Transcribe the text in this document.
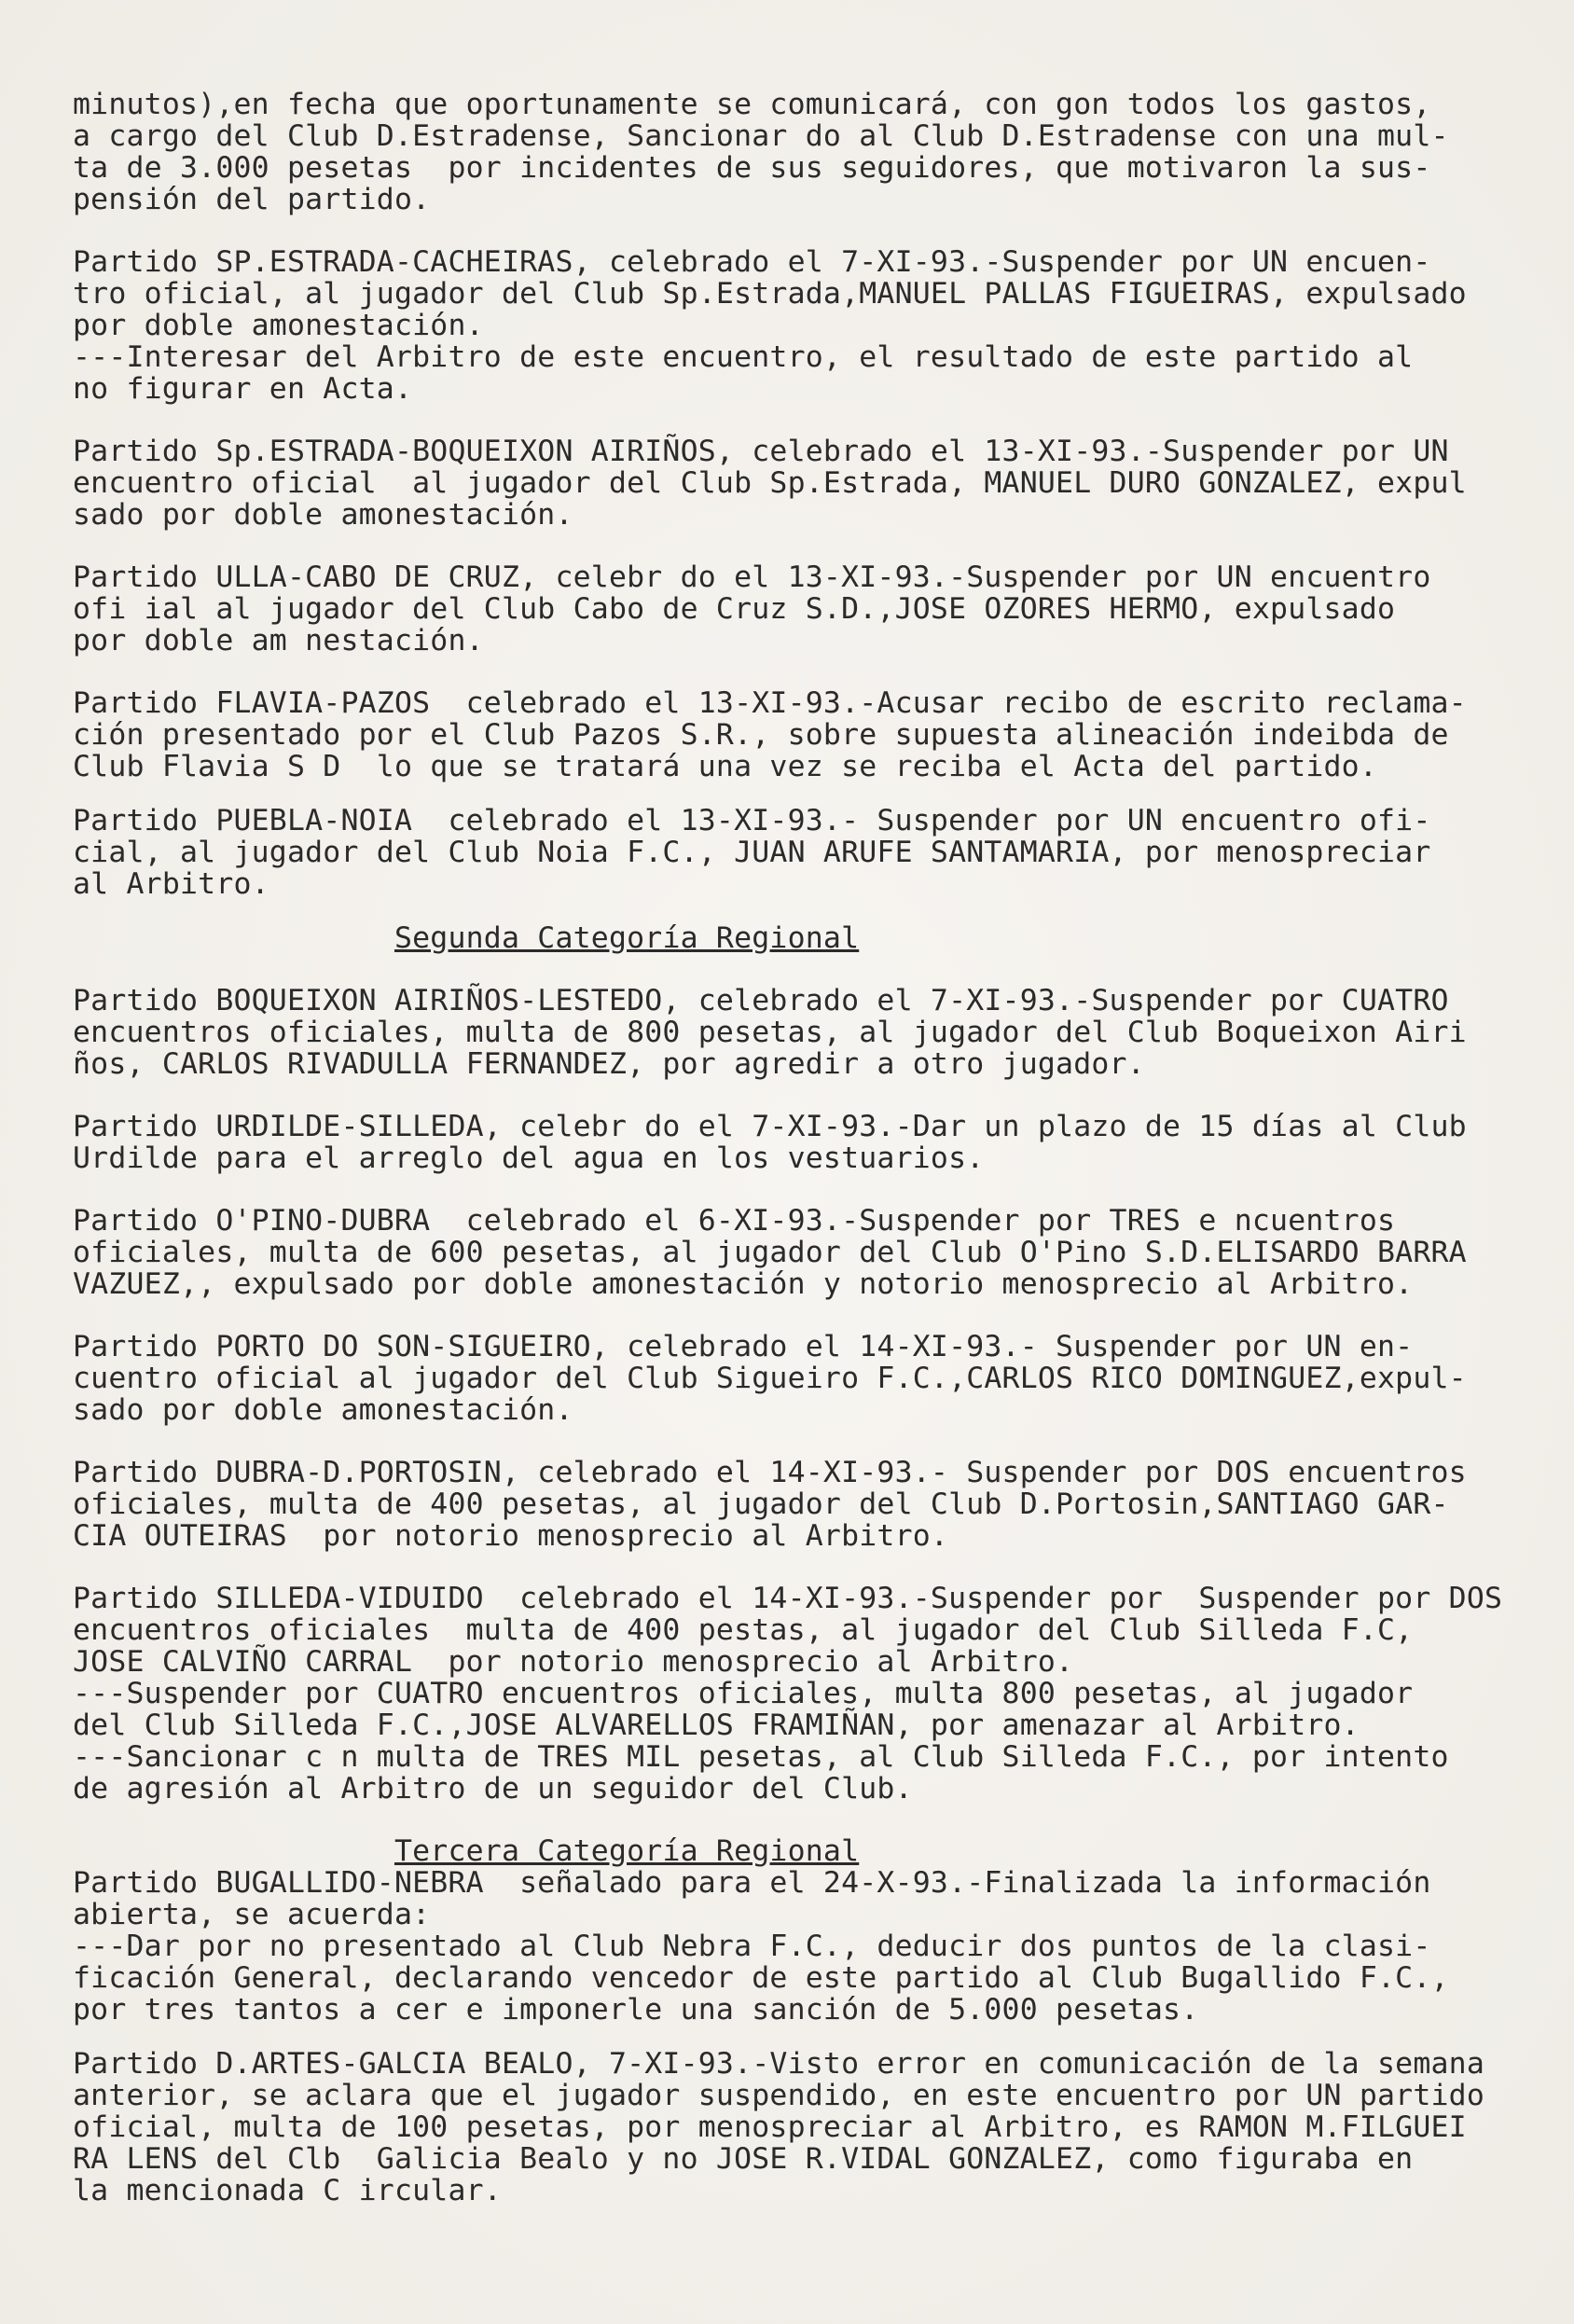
minutos),en fecha que oportunamente se comunicará, con gon todos los gastos,
a cargo del Club D.Estradense, Sancionar do al Club D.Estradense con una mul-
ta de 3.000 pesetas  por incidentes de sus seguidores, que motivaron la sus-
pensión del partido.
Partido SP.ESTRADA-CACHEIRAS, celebrado el 7-XI-93.-Suspender por UN encuen-
tro oficial, al jugador del Club Sp.Estrada,MANUEL PALLAS FIGUEIRAS, expulsado
por doble amonestación.
---Interesar del Arbitro de este encuentro, el resultado de este partido al
no figurar en Acta.
Partido Sp.ESTRADA-BOQUEIXON AIRIÑOS, celebrado el 13-XI-93.-Suspender por UN
encuentro oficial  al jugador del Club Sp.Estrada, MANUEL DURO GONZALEZ, expul
sado por doble amonestación.
Partido ULLA-CABO DE CRUZ, celebr do el 13-XI-93.-Suspender por UN encuentro
ofi ial al jugador del Club Cabo de Cruz S.D.,JOSE OZORES HERMO, expulsado
por doble am nestación.
Partido FLAVIA-PAZOS  celebrado el 13-XI-93.-Acusar recibo de escrito reclama-
ción presentado por el Club Pazos S.R., sobre supuesta alineación indeibda de
Club Flavia S D  lo que se tratará una vez se reciba el Acta del partido.
Partido PUEBLA-NOIA  celebrado el 13-XI-93.- Suspender por UN encuentro ofi-
cial, al jugador del Club Noia F.C., JUAN ARUFE SANTAMARIA, por menospreciar
al Arbitro.
Segunda Categoría Regional
Partido BOQUEIXON AIRIÑOS-LESTEDO, celebrado el 7-XI-93.-Suspender por CUATRO
encuentros oficiales, multa de 800 pesetas, al jugador del Club Boqueixon Airi
ños, CARLOS RIVADULLA FERNANDEZ, por agredir a otro jugador.
Partido URDILDE-SILLEDA, celebr do el 7-XI-93.-Dar un plazo de 15 días al Club
Urdilde para el arreglo del agua en los vestuarios.
Partido O'PINO-DUBRA  celebrado el 6-XI-93.-Suspender por TRES e ncuentros
oficiales, multa de 600 pesetas, al jugador del Club O'Pino S.D.ELISARDO BARRA
VAZUEZ,, expulsado por doble amonestación y notorio menosprecio al Arbitro.
Partido PORTO DO SON-SIGUEIRO, celebrado el 14-XI-93.- Suspender por UN en-
cuentro oficial al jugador del Club Sigueiro F.C.,CARLOS RICO DOMINGUEZ,expul-
sado por doble amonestación.
Partido DUBRA-D.PORTOSIN, celebrado el 14-XI-93.- Suspender por DOS encuentros
oficiales, multa de 400 pesetas, al jugador del Club D.Portosin,SANTIAGO GAR-
CIA OUTEIRAS  por notorio menosprecio al Arbitro.
Partido SILLEDA-VIDUIDO  celebrado el 14-XI-93.-Suspender por  Suspender por DOS
encuentros oficiales  multa de 400 pestas, al jugador del Club Silleda F.C,
JOSE CALVIÑO CARRAL  por notorio menosprecio al Arbitro.
---Suspender por CUATRO encuentros oficiales, multa 800 pesetas, al jugador
del Club Silleda F.C.,JOSE ALVARELLOS FRAMIÑAN, por amenazar al Arbitro.
---Sancionar c n multa de TRES MIL pesetas, al Club Silleda F.C., por intento
de agresión al Arbitro de un seguidor del Club.
Tercera Categoría Regional
Partido BUGALLIDO-NEBRA  señalado para el 24-X-93.-Finalizada la información
abierta, se acuerda:
---Dar por no presentado al Club Nebra F.C., deducir dos puntos de la clasi-
ficación General, declarando vencedor de este partido al Club Bugallido F.C.,
por tres tantos a cer e imponerle una sanción de 5.000 pesetas.
Partido D.ARTES-GALCIA BEALO, 7-XI-93.-Visto error en comunicación de la semana
anterior, se aclara que el jugador suspendido, en este encuentro por UN partido
oficial, multa de 100 pesetas, por menospreciar al Arbitro, es RAMON M.FILGUEI
RA LENS del Clb  Galicia Bealo y no JOSE R.VIDAL GONZALEZ, como figuraba en
la mencionada C ircular.
